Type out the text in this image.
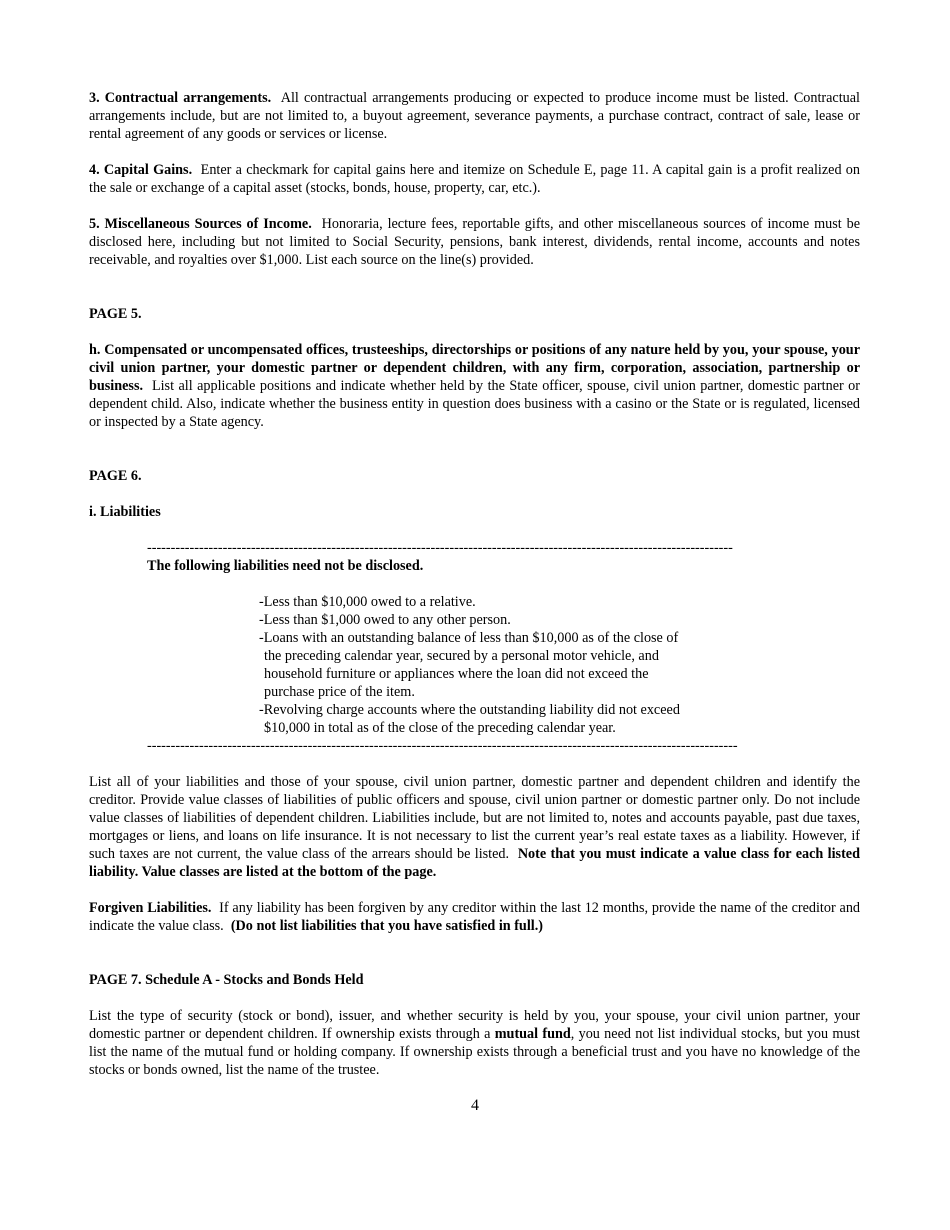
3. Contractual arrangements. All contractual arrangements producing or expected to produce income must be listed. Contractual arrangements include, but are not limited to, a buyout agreement, severance payments, a purchase contract, contract of sale, lease or rental agreement of any goods or services or license.

4. Capital Gains. Enter a checkmark for capital gains here and itemize on Schedule E, page 11. A capital gain is a profit realized on the sale or exchange of a capital asset (stocks, bonds, house, property, car, etc.).

5. Miscellaneous Sources of Income. Honoraria, lecture fees, reportable gifts, and other miscellaneous sources of income must be disclosed here, including but not limited to Social Security, pensions, bank interest, dividends, rental income, accounts and notes receivable, and royalties over $1,000. List each source on the line(s) provided.

PAGE 5.

h. Compensated or uncompensated offices, trusteeships, directorships or positions of any nature held by you, your spouse, your civil union partner, your domestic partner or dependent children, with any firm, corporation, association, partnership or business. List all applicable positions and indicate whether held by the State officer, spouse, civil union partner, domestic partner or dependent child. Also, indicate whether the business entity in question does business with a casino or the State or is regulated, licensed or inspected by a State agency.

PAGE 6.

i. Liabilities

----------------------------------------------------------------------------------------------------------------------------
The following liabilities need not be disclosed.
-Less than $10,000 owed to a relative.
-Less than $1,000 owed to any other person.
-Loans with an outstanding balance of less than $10,000 as of the close of
the preceding calendar year, secured by a personal motor vehicle, and
household furniture or appliances where the loan did not exceed the
purchase price of the item.
-Revolving charge accounts where the outstanding liability did not exceed
$10,000 in total as of the close of the preceding calendar year.
-----------------------------------------------------------------------------------------------------------------------------

List all of your liabilities and those of your spouse, civil union partner, domestic partner and dependent children and identify the creditor. Provide value classes of liabilities of public officers and spouse, civil union partner or domestic partner only. Do not include value classes of liabilities of dependent children. Liabilities include, but are not limited to, notes and accounts payable, past due taxes, mortgages or liens, and loans on life insurance. It is not necessary to list the current year’s real estate taxes as a liability. However, if such taxes are not current, the value class of the arrears should be listed. Note that you must indicate a value class for each listed liability. Value classes are listed at the bottom of the page.

Forgiven Liabilities. If any liability has been forgiven by any creditor within the last 12 months, provide the name of the creditor and indicate the value class. (Do not list liabilities that you have satisfied in full.)

PAGE 7. Schedule A - Stocks and Bonds Held

List the type of security (stock or bond), issuer, and whether security is held by you, your spouse, your civil union partner, your domestic partner or dependent children. If ownership exists through a mutual fund, you need not list individual stocks, but you must list the name of the mutual fund or holding company. If ownership exists through a beneficial trust and you have no knowledge of the stocks or bonds owned, list the name of the trustee.

4
